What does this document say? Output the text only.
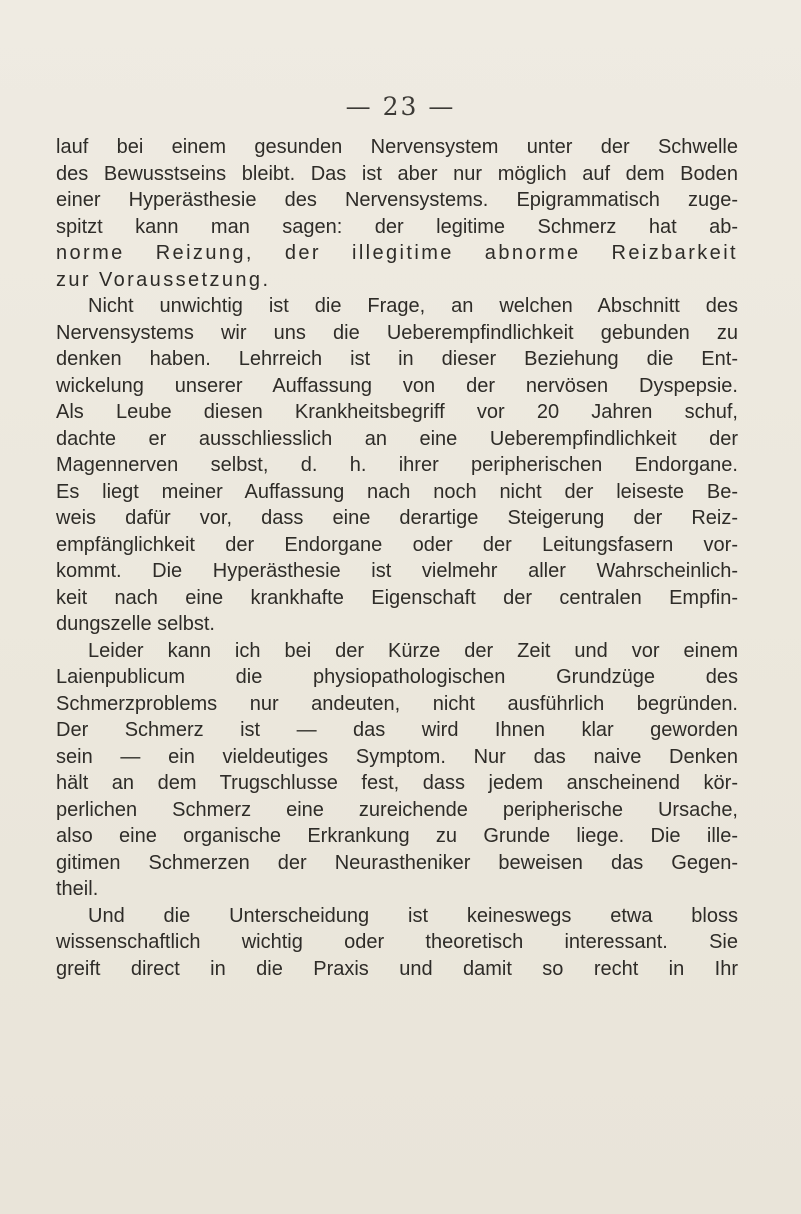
— 23 —

lauf bei einem gesunden Nervensystem unter der Schwelle
des Bewusstseins bleibt. Das ist aber nur möglich auf dem Boden
einer Hyperästhesie des Nervensystems. Epigrammatisch zuge-
spitzt kann man sagen: der legitime Schmerz hat ab-
norme Reizung, der illegitime abnorme Reizbarkeit
zur Voraussetzung.
Nicht unwichtig ist die Frage, an welchen Abschnitt des
Nervensystems wir uns die Ueberempfindlichkeit gebunden zu
denken haben. Lehrreich ist in dieser Beziehung die Ent-
wickelung unserer Auffassung von der nervösen Dyspepsie.
Als Leube diesen Krankheitsbegriff vor 20 Jahren schuf,
dachte er ausschliesslich an eine Ueberempfindlichkeit der
Magennerven selbst, d. h. ihrer peripherischen Endorgane.
Es liegt meiner Auffassung nach noch nicht der leiseste Be-
weis dafür vor, dass eine derartige Steigerung der Reiz-
empfänglichkeit der Endorgane oder der Leitungsfasern vor-
kommt. Die Hyperästhesie ist vielmehr aller Wahrscheinlich-
keit nach eine krankhafte Eigenschaft der centralen Empfin-
dungszelle selbst.
Leider kann ich bei der Kürze der Zeit und vor einem
Laienpublicum die physiopathologischen Grundzüge des
Schmerzproblems nur andeuten, nicht ausführlich begründen.
Der Schmerz ist — das wird Ihnen klar geworden
sein — ein vieldeutiges Symptom. Nur das naive Denken
hält an dem Trugschlusse fest, dass jedem anscheinend kör-
perlichen Schmerz eine zureichende peripherische Ursache,
also eine organische Erkrankung zu Grunde liege. Die ille-
gitimen Schmerzen der Neurastheniker beweisen das Gegen-
theil.
Und die Unterscheidung ist keineswegs etwa bloss
wissenschaftlich wichtig oder theoretisch interessant. Sie
greift direct in die Praxis und damit so recht in Ihr
